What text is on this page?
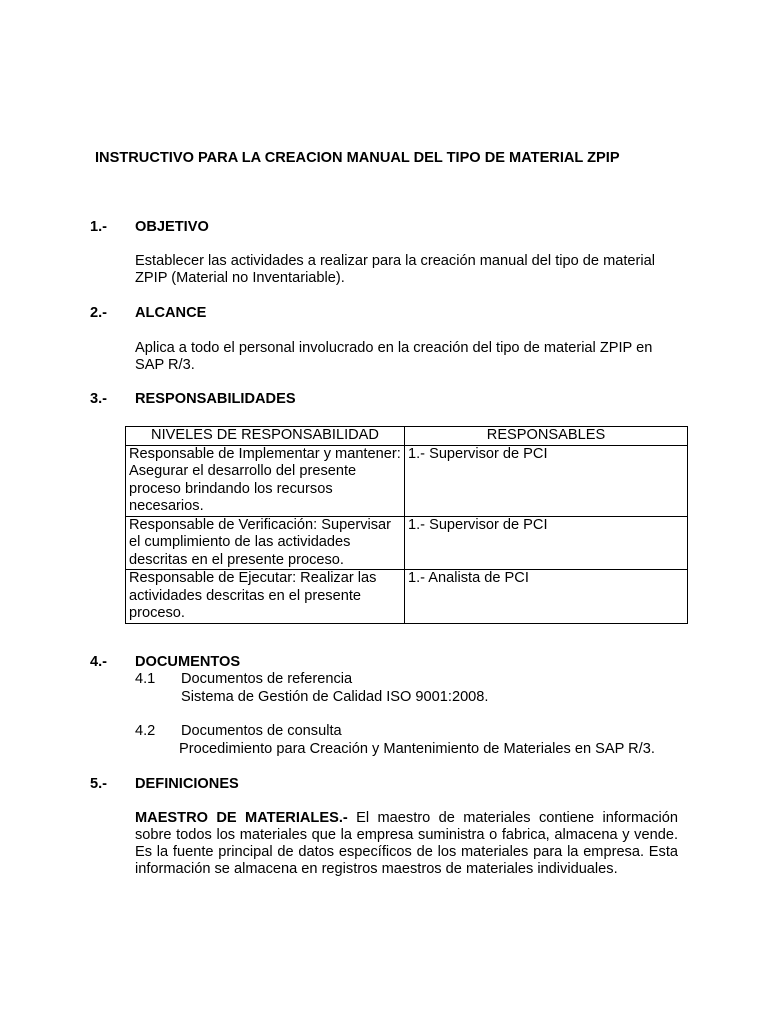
INSTRUCTIVO PARA LA CREACION MANUAL DEL TIPO DE MATERIAL ZPIP
1.- OBJETIVO
Establecer las actividades a realizar para la creación manual del tipo de material ZPIP (Material no Inventariable).
2.- ALCANCE
Aplica a todo el personal involucrado en la creación del tipo de material ZPIP en SAP R/3.
3.- RESPONSABILIDADES
NIVELES DE RESPONSABILIDAD	RESPONSABLES
Responsable de Implementar y mantener: Asegurar el desarrollo del presente proceso brindando los recursos necesarios.	1.- Supervisor de PCI
Responsable de Verificación: Supervisar el cumplimiento de las actividades descritas en el presente proceso.	1.- Supervisor de PCI
Responsable de Ejecutar: Realizar las actividades descritas en el presente proceso.	1.- Analista de PCI
4.- DOCUMENTOS
4.1 Documentos de referencia
Sistema de Gestión de Calidad ISO 9001:2008.
4.2 Documentos de consulta
Procedimiento para Creación y Mantenimiento de Materiales en SAP R/3.
5.- DEFINICIONES
MAESTRO DE MATERIALES.- El maestro de materiales contiene información sobre todos los materiales que la empresa suministra o fabrica, almacena y vende. Es la fuente principal de datos específicos de los materiales para la empresa. Esta información se almacena en registros maestros de materiales individuales.
